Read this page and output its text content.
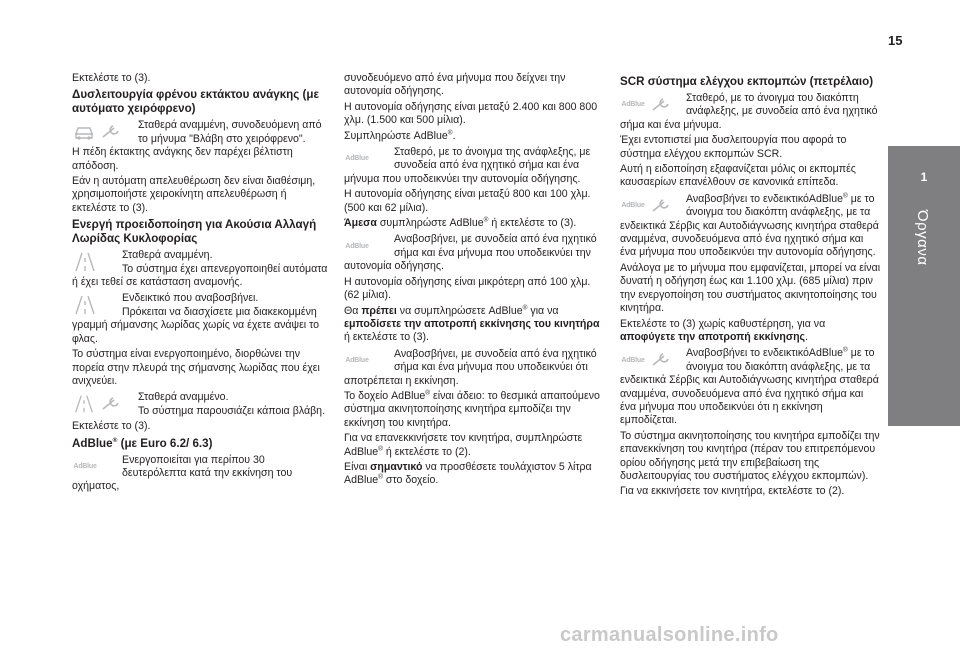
15
1
Όργανα

Εκτελέστε το (3).

Δυσλειτουργία φρένου εκτάκτου ανάγκης (με αυτόματο χειρόφρενο)
Σταθερά αναμμένη, συνοδευόμενη από το μήνυμα "Βλάβη στο χειρόφρενο".
Η πέδη έκτακτης ανάγκης δεν παρέχει βέλτιστη απόδοση.

Εάν η αυτόματη απελευθέρωση δεν είναι διαθέσιμη, χρησιμοποιήστε χειροκίνητη απελευθέρωση ή εκτελέστε το (3).

Ενεργή προειδοποίηση για Ακούσια Αλλαγή Λωρίδας Κυκλοφορίας
Σταθερά αναμμένη.
Το σύστημα έχει απενεργοποιηθεί αυτόματα ή έχει τεθεί σε κατάσταση αναμονής.
Ενδεικτικό που αναβοσβήνει.
Πρόκειται να διασχίσετε μια διακεκομμένη γραμμή σήμανσης λωρίδας χωρίς να έχετε ανάψει το φλας.

Το σύστημα είναι ενεργοποιημένο, διορθώνει την πορεία στην πλευρά της σήμανσης λωρίδας που έχει ανιχνεύει.

Σταθερά αναμμένο.
Το σύστημα παρουσιάζει κάποια βλάβη.

Εκτελέστε το (3).

AdBlue® (με Euro 6.2/ 6.3)
AdBlue
Ενεργοποιείται για περίπου 30 δευτερόλεπτα κατά την εκκίνηση του οχήματος,

συνοδευόμενο από ένα μήνυμα που δείχνει την αυτονομία οδήγησης.

Η αυτονομία οδήγησης είναι μεταξύ 2.400 και 800 800 χλμ. (1.500 και 500 μίλια).

Συμπληρώστε AdBlue®.

AdBlue
Σταθερό, με το άνοιγμα της ανάφλεξης, με συνοδεία από ένα ηχητικό σήμα και ένα μήνυμα που υποδεικνύει την αυτονομία οδήγησης.

Η αυτονομία οδήγησης είναι μεταξύ 800 και 100 χλμ. (500 και 62 μίλια).

Άμεσα συμπληρώστε AdBlue® ή εκτελέστε το (3).

AdBlue
Αναβοσβήνει, με συνοδεία από ένα ηχητικό σήμα και ένα μήνυμα που υποδεικνύει την αυτονομία οδήγησης.

Η αυτονομία οδήγησης είναι μικρότερη από 100 χλμ. (62 μίλια).

Θα πρέπει να συμπληρώσετε AdBlue® για να εμποδίσετε την αποτροπή εκκίνησης του κινητήρα ή εκτελέστε το (3).

AdBlue
Αναβοσβήνει, με συνοδεία από ένα ηχητικό σήμα και ένα μήνυμα που υποδεικνύει ότι αποτρέπεται η εκκίνηση.

Το δοχείο AdBlue® είναι άδειο: το θεσμικά απαιτούμενο σύστημα ακινητοποίησης κινητήρα εμποδίζει την εκκίνηση του κινητήρα.

Για να επανεκκινήσετε τον κινητήρα, συμπληρώστε AdBlue® ή εκτελέστε το (2).

Είναι σημαντικό να προσθέσετε τουλάχιστον 5 λίτρα AdBlue® στο δοχείο.

SCR σύστημα ελέγχου εκπομπών (πετρέλαιο)
AdBlue
Σταθερό, με το άνοιγμα του διακόπτη ανάφλεξης, με συνοδεία από ένα ηχητικό σήμα και ένα μήνυμα.

Έχει εντοπιστεί μια δυσλειτουργία που αφορά το σύστημα ελέγχου εκπομπών SCR.

Αυτή η ειδοποίηση εξαφανίζεται μόλις οι εκπομπές καυσαερίων επανέλθουν σε κανονικά επίπεδα.

AdBlue
Αναβοσβήνει το ενδεικτικόAdBlue® με το άνοιγμα του διακόπτη ανάφλεξης, με τα ενδεικτικά Σέρβις και Αυτοδιάγνωσης κινητήρα σταθερά αναμμένα, συνοδευόμενα από ένα ηχητικό σήμα και ένα μήνυμα που υποδεικνύει την αυτονομία οδήγησης.

Ανάλογα με το μήνυμα που εμφανίζεται, μπορεί να είναι δυνατή η οδήγηση έως και 1.100 χλμ. (685 μίλια) πριν την ενεργοποίηση του συστήματος ακινητοποίησης του κινητήρα.

Εκτελέστε το (3) χωρίς καθυστέρηση, για να αποφύγετε την αποτροπή εκκίνησης.

AdBlue
Αναβοσβήνει το ενδεικτικόAdBlue® με το άνοιγμα του διακόπτη ανάφλεξης, με τα ενδεικτικά Σέρβις και Αυτοδιάγνωσης κινητήρα σταθερά αναμμένα, συνοδευόμενα από ένα ηχητικό σήμα και ένα μήνυμα που υποδεικνύει ότι η εκκίνηση εμποδίζεται.

Το σύστημα ακινητοποίησης του κινητήρα εμποδίζει την επανεκκίνηση του κινητήρα (πέραν του επιτρεπόμενου ορίου οδήγησης μετά την επιβεβαίωση της δυσλειτουργίας του συστήματος ελέγχου εκπομπών).

Για να εκκινήσετε τον κινητήρα, εκτελέστε το (2).

carmanualsonline.info
